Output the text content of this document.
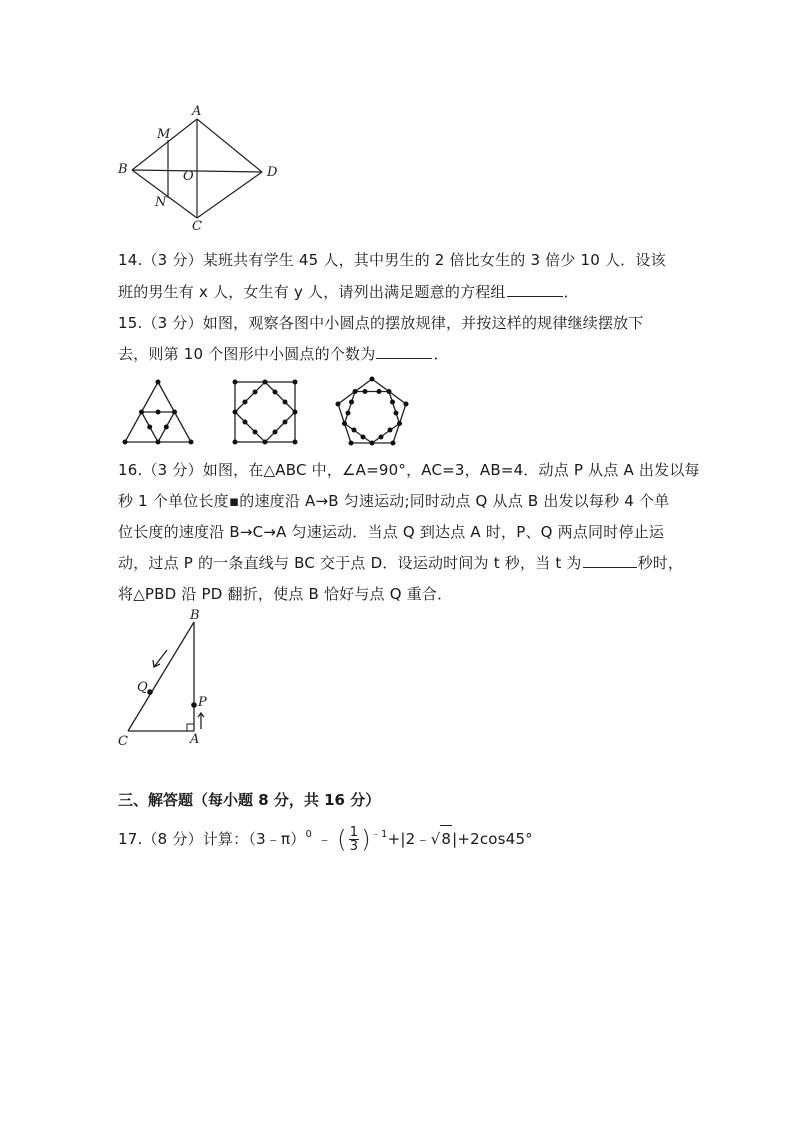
A
M
B	O	D
N
C
14.（3 分）某班共有学生 45 人，其中男生的 2 倍比女生的 3 倍少 10 人．设该
班的男生有 x 人，女生有 y 人，请列出满足题意的方程组	．
15.（3 分）如图，观察各图中小圆点的摆放规律，并按这样的规律继续摆放下
去，则第 10 个图形中小圆点的个数为	．
16.（3 分）如图，在△ABC 中，∠A=90°，AC=3，AB=4．动点 P 从点 A 出发以每
秒 1 个单位长度▪的速度沿 A→B 匀速运动;同时动点 Q 从点 B 出发以每秒 4 个单
位长度的速度沿 B→C→A 匀速运动．当点 Q 到达点 A 时，P、Q 两点同时停止运
动，过点 P 的一条直线与 BC 交于点 D．设运动时间为 t 秒，当 t 为	秒时，
将△PBD 沿 PD 翻折，使点 B 恰好与点 Q 重合．
B
Q
P
C	A
三、解答题（每小题 8 分，共 16 分）
17.（8 分）计算：（3﹣π）$^0$ ﹣ ( $\frac{1}{3}$ )$^{﹣1}$+|2﹣√8|+2cos45°
